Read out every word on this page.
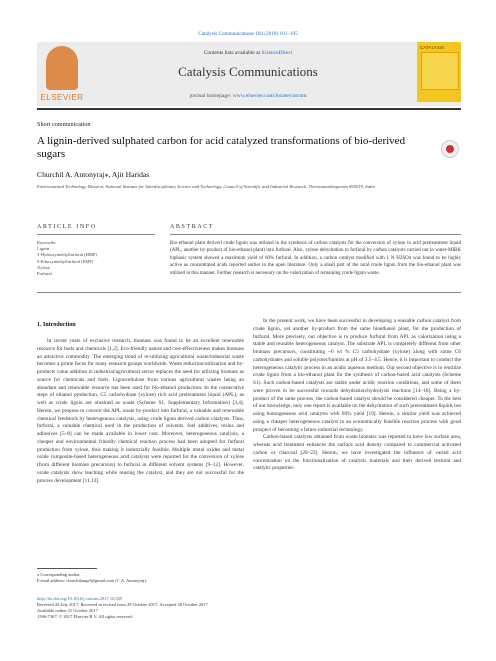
Catalysis Communications 104 (2018) 101–105
ELSEVIER
Contents lists available at ScienceDirect
Catalysis Communications
journal homepage: www.elsevier.com/locate/catcom
CATALYSIS
Short communication
A lignin-derived sulphated carbon for acid catalyzed transformations of bio-derived sugars
Churchil A. Antonyraj⁎, Ajit Haridas
Environmental Technology Division, National Institute for Interdisciplinary Science and Technology, Council of Scientific and Industrial Research, Thiruvananthapuram 695019, India
ARTICLE INFO	ABSTRACT
Keywords:
Lignin
5-Hydroxymethylfurfural (HMF)
5-Ethoxymethylfurfural (EMF)
Xylose
Furfural
Bio-ethanol plant derived crude lignin was utilized in the synthesis of carbon catalysts for the conversion of xylose in acid pretreatment liquid (APL, another by-product of bio-ethanol plant) into furfural. Also, xylose dehydration to furfural by carbon catalysts carried out in water-MIBK biphasic system showed a maximum yield of 60% furfural. In addition, a carbon catalyst modified with 1 N H2SO4 was found to be highly active as concentrated acids reported earlier in the open literature. Only a small part of the total crude lignin from the bio-ethanol plant was utilized in this manner. Further research is necessary on the valorization of remaining crude lignin waste.
1. Introduction
In recent years of exclusive research, biomass was found to be an excellent renewable resource for fuels and chemicals [1,2]. Eco-friendly nature and cost-effectiveness makes biomass an attractive commodity. The emerging trend of re-utilizing agricultural waste/industrial waste becomes a prime focus for many research groups worldwide. Waste reduction/utilization and by-products value addition in industrial/agricultural sector replaces the need for utilizing biomass as source for chemicals and fuels. Lignocellulose from various agricultural wastes being an abundant and renewable resource has been used for bio-ethanol production. In the consecutive steps of ethanol production, C5 carbohydrate (xylose) rich acid pretreatment liquid (APL), as well as crude lignin are obtained as waste (Scheme S1, Supplementary Information) [3,4]. Herein, we propose to convert the APL waste by-product into furfural, a valuable and renewable chemical feedstock by heterogenous catalysis, using crude lignin derived carbon catalysts. Thus, furfural, a valuable chemical used in the production of solvents, fuel additives, resins and adhesives [5–8] can be made available in lower cost. Moreover, heterogeneous catalysis, a cheaper and environmental friendly chemical reaction process had been adopted for furfural production from xylose, thus making it industrially feasible. Multiple metal oxides and metal oxide composite-based heterogeneous acid catalysts were reported for the conversion of xylose (from different biomass precursors) to furfural in different solvent systems [9–12]. However, oxide catalysts show leaching while reusing the catalyst, and they are not successful for the process development [11,13].

In the present work, we have been successful in developing a reusable carbon catalyst from crude lignin, yet another by-product from the same bioethanol plant, for the production of furfural. More precisely, our objective is to produce furfural from APL as valorization using a stable and reusable heterogeneous catalyst. The substrate APL is completely different from other biomass precursors, constituting ~6 wt % C5 carbohydrate (xylose) along with some C6 carbohydrates and soluble polymer/humins at pH of 3.5–4.5. Hence, it is important to conduct the heterogeneous catalytic process in an acidic aqueous medium. Our second objective is to reutilize crude lignin from a bio-ethanol plant for the synthesis of carbon-based acid catalysts (Scheme S1). Such carbon-based catalysts are stable under acidic reaction conditions, and some of them were proven to be successful towards dehydration/hydrolysis reactions [14–18]. Being a by-product of the same process, the carbon-based catalyst should be considered cheaper. To the best of our knowledge, only one report is available on the dehydration of such pretreatment liquids but using homogeneous acid catalysts with 60% yield [19]. Herein, a similar yield was achieved using a cheaper heterogeneous catalyst in an economically feasible reaction process with good prospect of becoming a future industrial technology.

Carbon-based catalysts obtained from waste biomass was reported to have low surface area, whereas acid treatment enhances the surface acid density compared to commercial activated carbon or charcoal [20–22]. Herein, we have investigated the influence of varied acid concentration on the functionalization of catalytic materials and their derived textural and catalytic properties.

⁎ Corresponding author.
E-mail address: churchilangel@gmail.com (C.A. Antonyraj).
http://dx.doi.org/10.1016/j.catcom.2017.10.029
Received 26 July 2017; Received in revised form 29 October 2017; Accepted 30 October 2017
Available online 31 October 2017
1566-7367/ © 2017 Elsevier B.V. All rights reserved.
